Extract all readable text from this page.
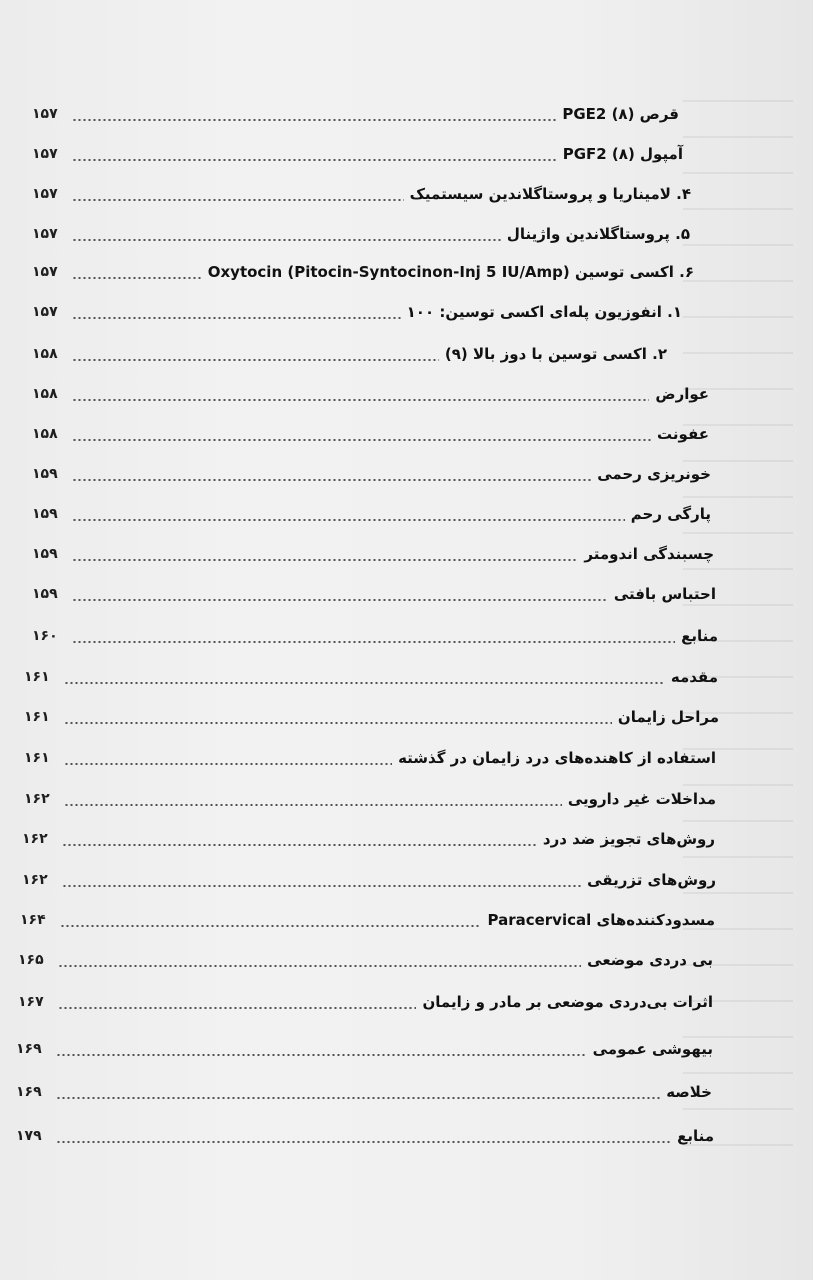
۱۵۷	قرص PGE2 (۸)
۱۵۷	آمپول PGF2 (۸)
۱۵۷	۴. لامیناریا و پروستاگلاندین سیستمیک
۱۵۷	۵. پروستاگلاندین واژینال
۱۵۷	۶. اکسی توسین Oxytocin (Pitocin-Syntocinon-Inj 5 IU/Amp)
۱۵۷	۱. انفوزیون پله‌ای اکسی توسین: ۱۰۰
۱۵۸	۲. اکسی توسین با دوز بالا (۹)
۱۵۸	عوارض
۱۵۸	عفونت
۱۵۹	خونریزی رحمی
۱۵۹	پارگی رحم
۱۵۹	چسبندگی اندومتر
۱۵۹	احتباس بافتی
۱۶۰	منابع
۱۶۱	مقدمه
۱۶۱	مراحل زایمان
۱۶۱	استفاده از کاهنده‌های درد زایمان در گذشته
۱۶۲	مداخلات غیر دارویی
۱۶۲	روش‌های تجویز ضد درد
۱۶۲	روش‌های تزریقی
۱۶۴	مسدودکننده‌های Paracervical
۱۶۵	بی دردی موضعی
۱۶۷	اثرات بی‌دردی موضعی بر مادر و زایمان
۱۶۹	بیهوشی عمومی
۱۶۹	خلاصه
۱۷۹	منابع
